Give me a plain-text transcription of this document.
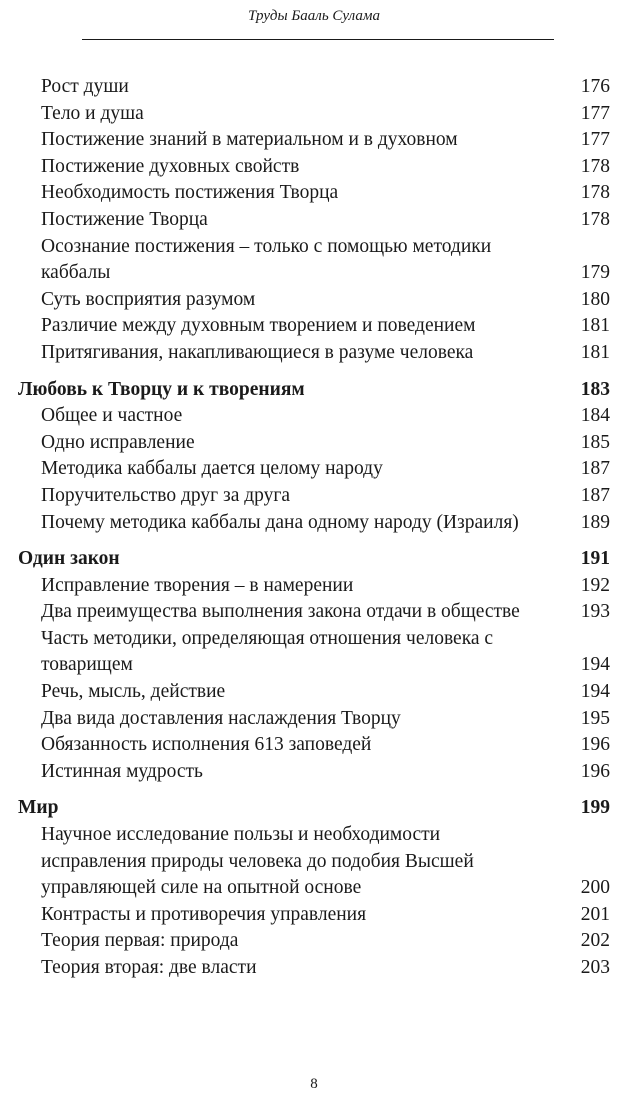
Труды Бааль Сулама
Рост души	176
Тело и душа	177
Постижение знаний в материальном и в духовном	177
Постижение духовных свойств	178
Необходимость постижения Творца	178
Постижение Творца	178
Осознание постижения – только с помощью методики каббалы	179
Суть восприятия разумом	180
Различие между духовным творением и поведением	181
Притягивания, накапливающиеся в разуме человека	181
Любовь к Творцу и к творениям	183
Общее и частное	184
Одно исправление	185
Методика каббалы дается целому народу	187
Поручительство друг за друга	187
Почему методика каббалы дана одному народу (Израиля)	189
Один закон	191
Исправление творения – в намерении	192
Два преимущества выполнения закона отдачи в обществе	193
Часть методики, определяющая отношения человека с товарищем	194
Речь, мысль, действие	194
Два вида доставления наслаждения Творцу	195
Обязанность исполнения 613 заповедей	196
Истинная мудрость	196
Мир	199
Научное исследование пользы и необходимости исправления природы человека до подобия Высшей управляющей силе на опытной основе	200
Контрасты и противоречия управления	201
Теория первая: природа	202
Теория вторая: две власти	203
8
